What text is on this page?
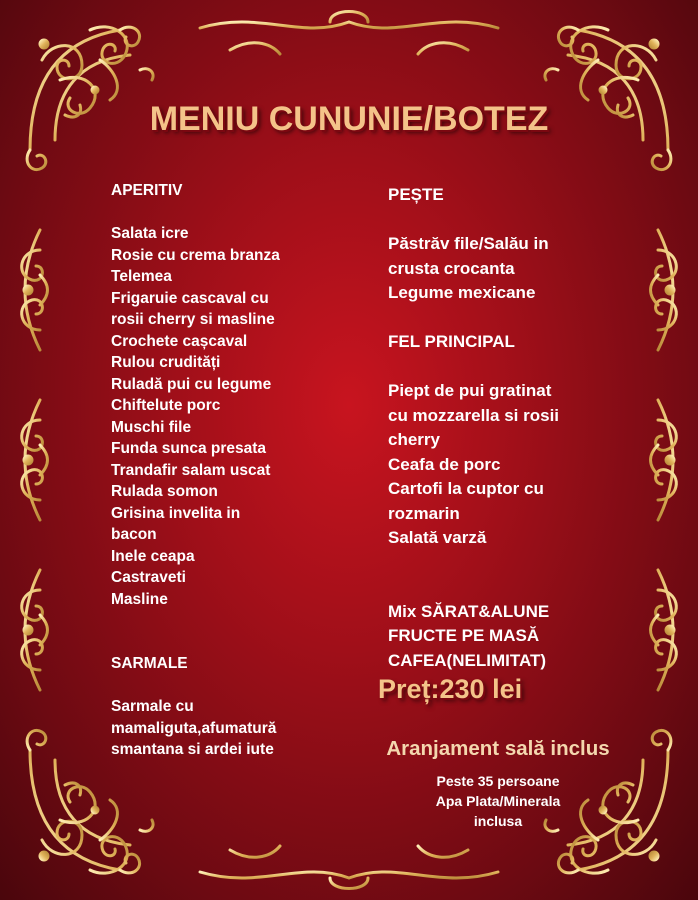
MENIU CUNUNIE/BOTEZ
APERITIV
Salata icre
Rosie cu crema branza
Telemea
Frigaruie cascaval cu
rosii cherry si masline
Crochete cașcaval
Rulou crudități
Ruladă pui cu legume
Chiftelute porc
Muschi file
Funda sunca presata
Trandafir salam uscat
Rulada somon
Grisina invelita in
bacon
Inele ceapa
Castraveti
Masline
SARMALE
Sarmale cu
mamaliguta,afumatură
smantana si ardei iute
PEȘTE
Păstrăv file/Salău in
crusta crocanta
Legume mexicane
FEL PRINCIPAL
Piept de pui gratinat
cu mozzarella si rosii
cherry
Ceafa de porc
Cartofi la cuptor cu
rozmarin
Salată varză
Mix SĂRAT&ALUNE
FRUCTE PE MASĂ
CAFEA(NELIMITAT)
Preț:230 lei
Aranjament sală inclus
Peste 35 persoane
Apa Plata/Minerala
inclusa
